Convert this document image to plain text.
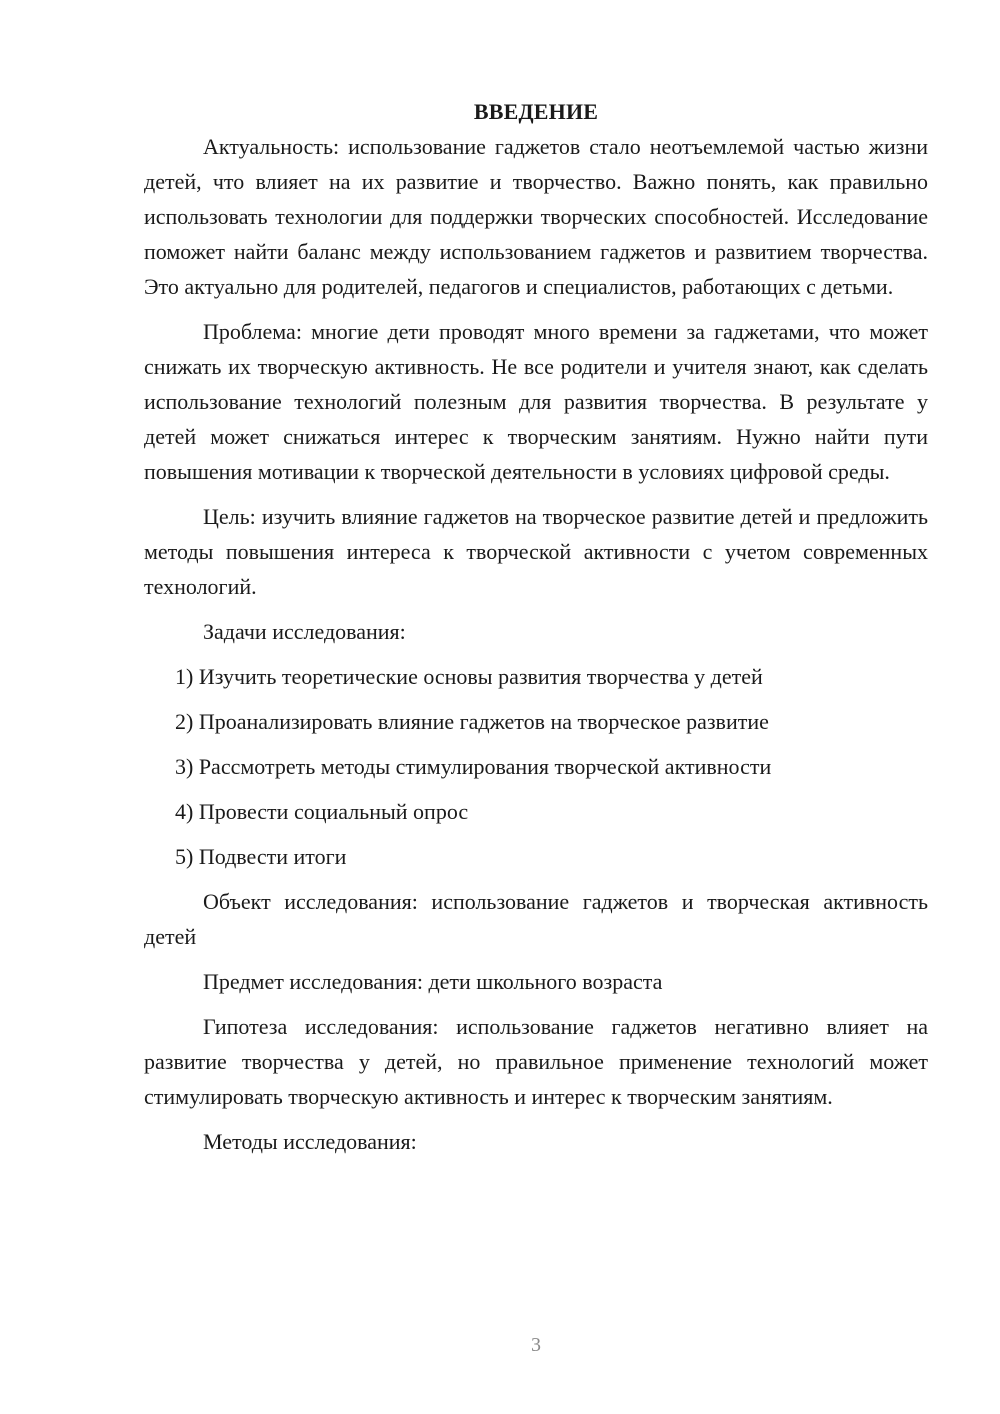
ВВЕДЕНИЕ

Актуальность: использование гаджетов стало неотъемлемой частью жизни детей, что влияет на их развитие и творчество. Важно понять, как правильно использовать технологии для поддержки творческих способностей. Исследование поможет найти баланс между использованием гаджетов и развитием творчества. Это актуально для родителей, педагогов и специалистов, работающих с детьми.

Проблема: многие дети проводят много времени за гаджетами, что может снижать их творческую активность. Не все родители и учителя знают, как сделать использование технологий полезным для развития творчества. В результате у детей может снижаться интерес к творческим занятиям. Нужно найти пути повышения мотивации к творческой деятельности в условиях цифровой среды.

Цель: изучить влияние гаджетов на творческое развитие детей и предложить методы повышения интереса к творческой активности с учетом современных технологий.

Задачи исследования:

1) Изучить теоретические основы развития творчества у детей

2) Проанализировать влияние гаджетов на творческое развитие

3) Рассмотреть методы стимулирования творческой активности

4) Провести социальный опрос

5) Подвести итоги

Объект исследования: использование гаджетов и творческая активность детей

Предмет исследования: дети школьного возраста

Гипотеза исследования: использование гаджетов негативно влияет на развитие творчества у детей, но правильное применение технологий может стимулировать творческую активность и интерес к творческим занятиям.

Методы исследования:

3
